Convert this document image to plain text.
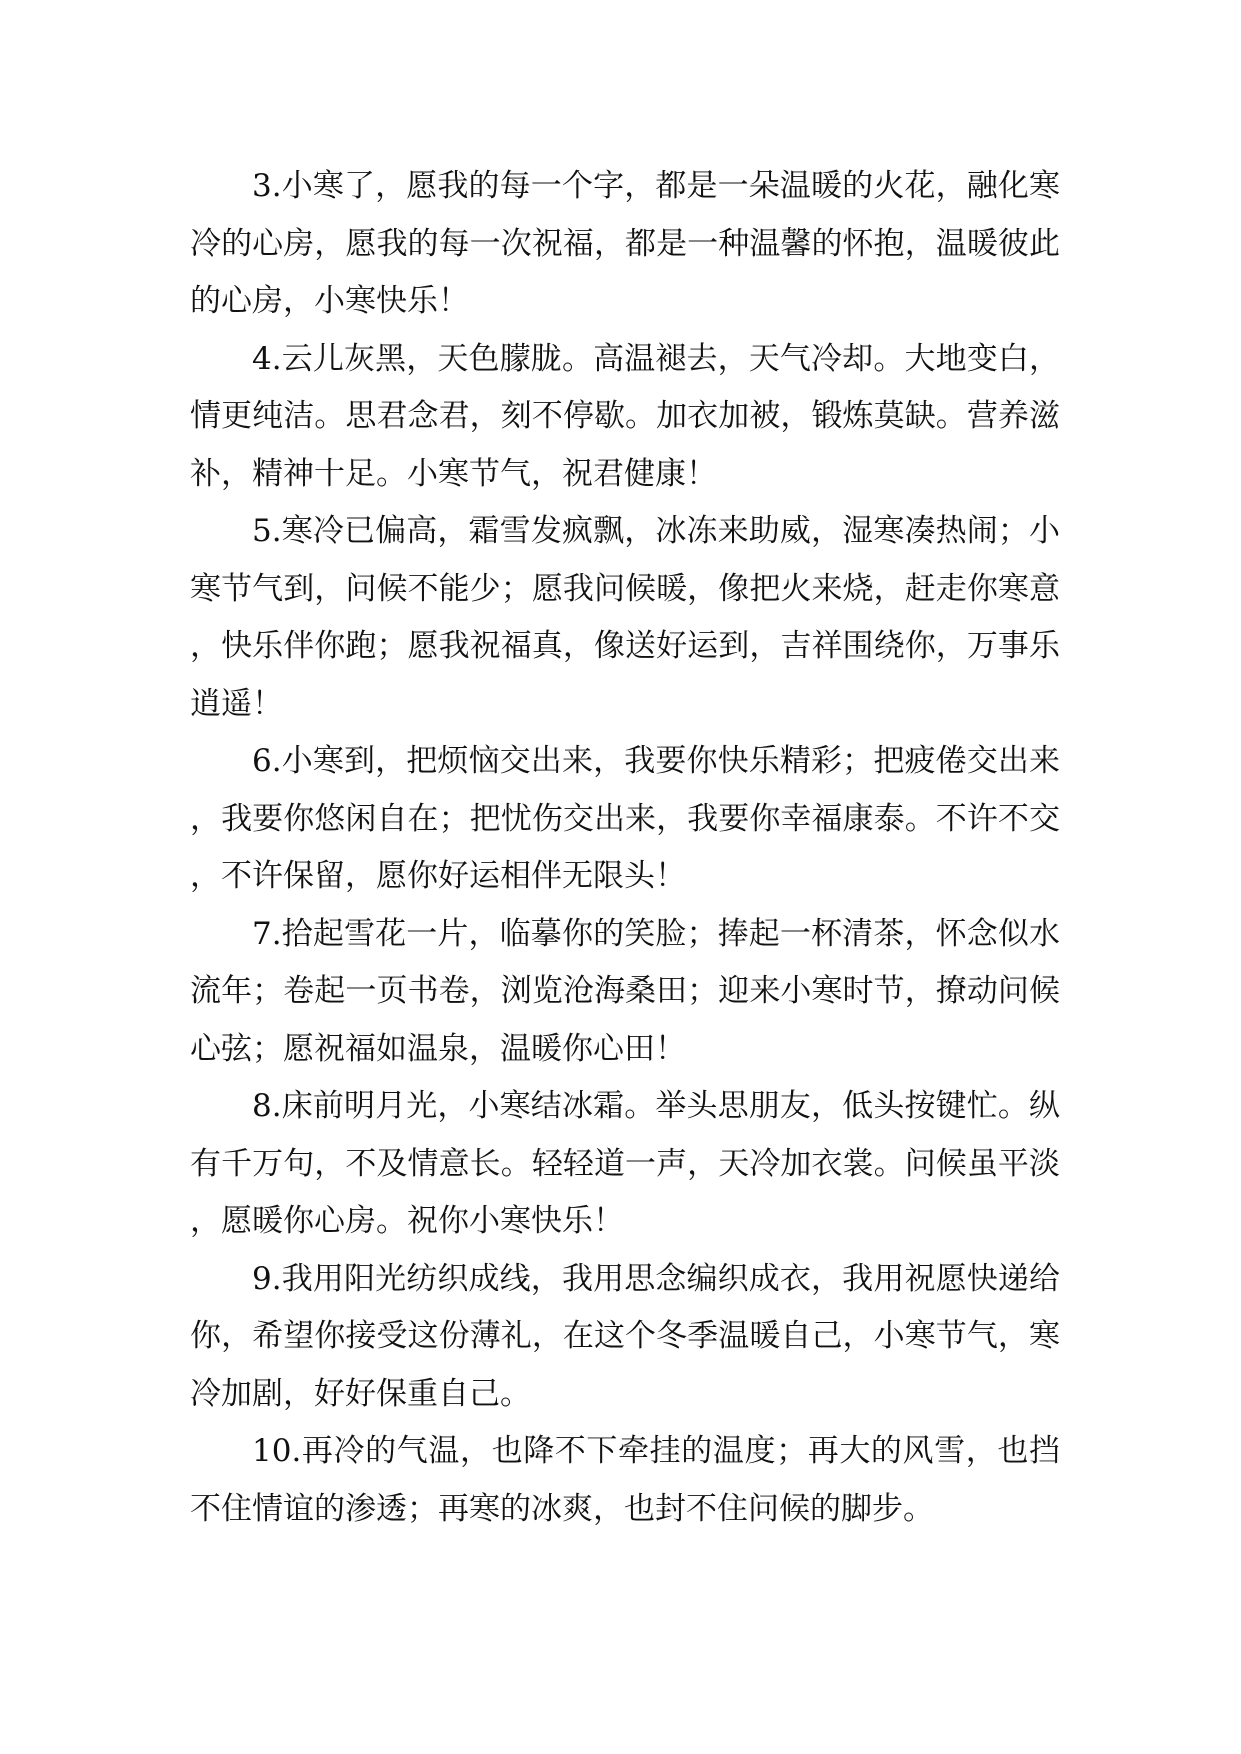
3.小寒了，愿我的每一个字，都是一朵温暖的火花，融化寒冷的心房，愿我的每一次祝福，都是一种温馨的怀抱，温暖彼此的心房，小寒快乐！

4.云儿灰黑，天色朦胧。高温褪去，天气冷却。大地变白，情更纯洁。思君念君，刻不停歇。加衣加被，锻炼莫缺。营养滋补，精神十足。小寒节气，祝君健康！

5.寒冷已偏高，霜雪发疯飘，冰冻来助威，湿寒凑热闹；小寒节气到，问候不能少；愿我问候暖，像把火来烧，赶走你寒意，快乐伴你跑；愿我祝福真，像送好运到，吉祥围绕你，万事乐逍遥！

6.小寒到，把烦恼交出来，我要你快乐精彩；把疲倦交出来，我要你悠闲自在；把忧伤交出来，我要你幸福康泰。不许不交，不许保留，愿你好运相伴无限头！

7.拾起雪花一片，临摹你的笑脸；捧起一杯清茶，怀念似水流年；卷起一页书卷，浏览沧海桑田；迎来小寒时节，撩动问候心弦；愿祝福如温泉，温暖你心田！

8.床前明月光，小寒结冰霜。举头思朋友，低头按键忙。纵有千万句，不及情意长。轻轻道一声，天冷加衣裳。问候虽平淡，愿暖你心房。祝你小寒快乐！

9.我用阳光纺织成线，我用思念编织成衣，我用祝愿快递给你，希望你接受这份薄礼，在这个冬季温暖自己，小寒节气，寒冷加剧，好好保重自己。

10.再冷的气温，也降不下牵挂的温度；再大的风雪，也挡不住情谊的渗透；再寒的冰爽，也封不住问候的脚步。
